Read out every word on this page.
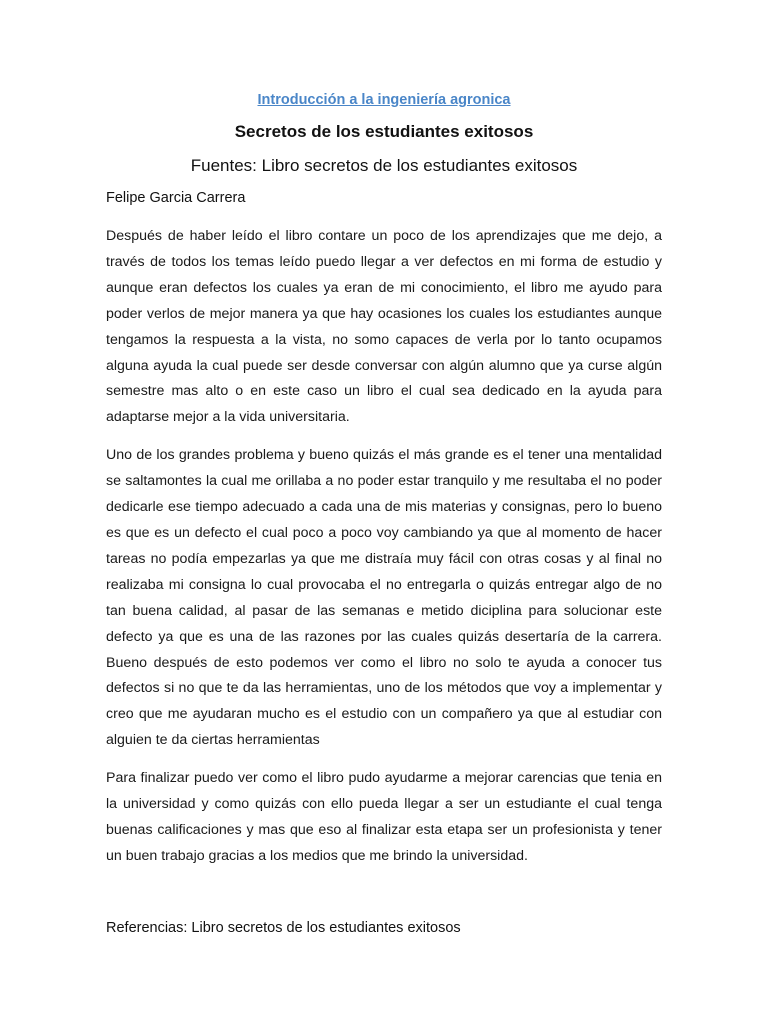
Introducción a la ingeniería agronica
Secretos de los estudiantes exitosos

Fuentes: Libro secretos de los estudiantes exitosos

Felipe Garcia Carrera

Después de haber leído el libro contare un poco de los aprendizajes que me dejo, a través de todos los temas leído puedo llegar a ver defectos en mi forma de estudio y aunque eran defectos los cuales ya eran de mi conocimiento, el libro me ayudo para poder verlos de mejor manera ya que hay ocasiones los cuales los estudiantes aunque tengamos la respuesta a la vista, no somo capaces de verla por lo tanto ocupamos alguna ayuda la cual puede ser desde conversar con algún alumno que ya curse algún semestre mas alto o en este caso un libro el cual sea dedicado en la ayuda para adaptarse mejor a la vida universitaria.

Uno de los grandes problema y bueno quizás el más grande es el tener una mentalidad se saltamontes la cual me orillaba a no poder estar tranquilo y me resultaba el no poder dedicarle ese tiempo adecuado a cada una de mis materias y consignas, pero lo bueno es que es un defecto el cual poco a poco voy cambiando ya que al momento de hacer tareas no podía empezarlas ya que me distraía muy fácil con otras cosas y al final no realizaba mi consigna lo cual provocaba el no entregarla o quizás entregar algo de no tan buena calidad, al pasar de las semanas e metido diciplina para solucionar este defecto ya que es una de las razones por las cuales quizás desertaría de la carrera. Bueno después de esto podemos ver como el libro no solo te ayuda a conocer tus defectos si no que te da las herramientas, uno de los métodos que voy a implementar y creo que me ayudaran mucho es el estudio con un compañero ya que al estudiar con alguien te da ciertas herramientas

Para finalizar puedo ver como el libro pudo ayudarme a mejorar carencias que tenia en la universidad y como quizás con ello pueda llegar a ser un estudiante el cual tenga buenas calificaciones y mas que eso al finalizar esta etapa ser un profesionista y tener un buen trabajo gracias a los medios que me brindo la universidad.

Referencias: Libro secretos de los estudiantes exitosos
